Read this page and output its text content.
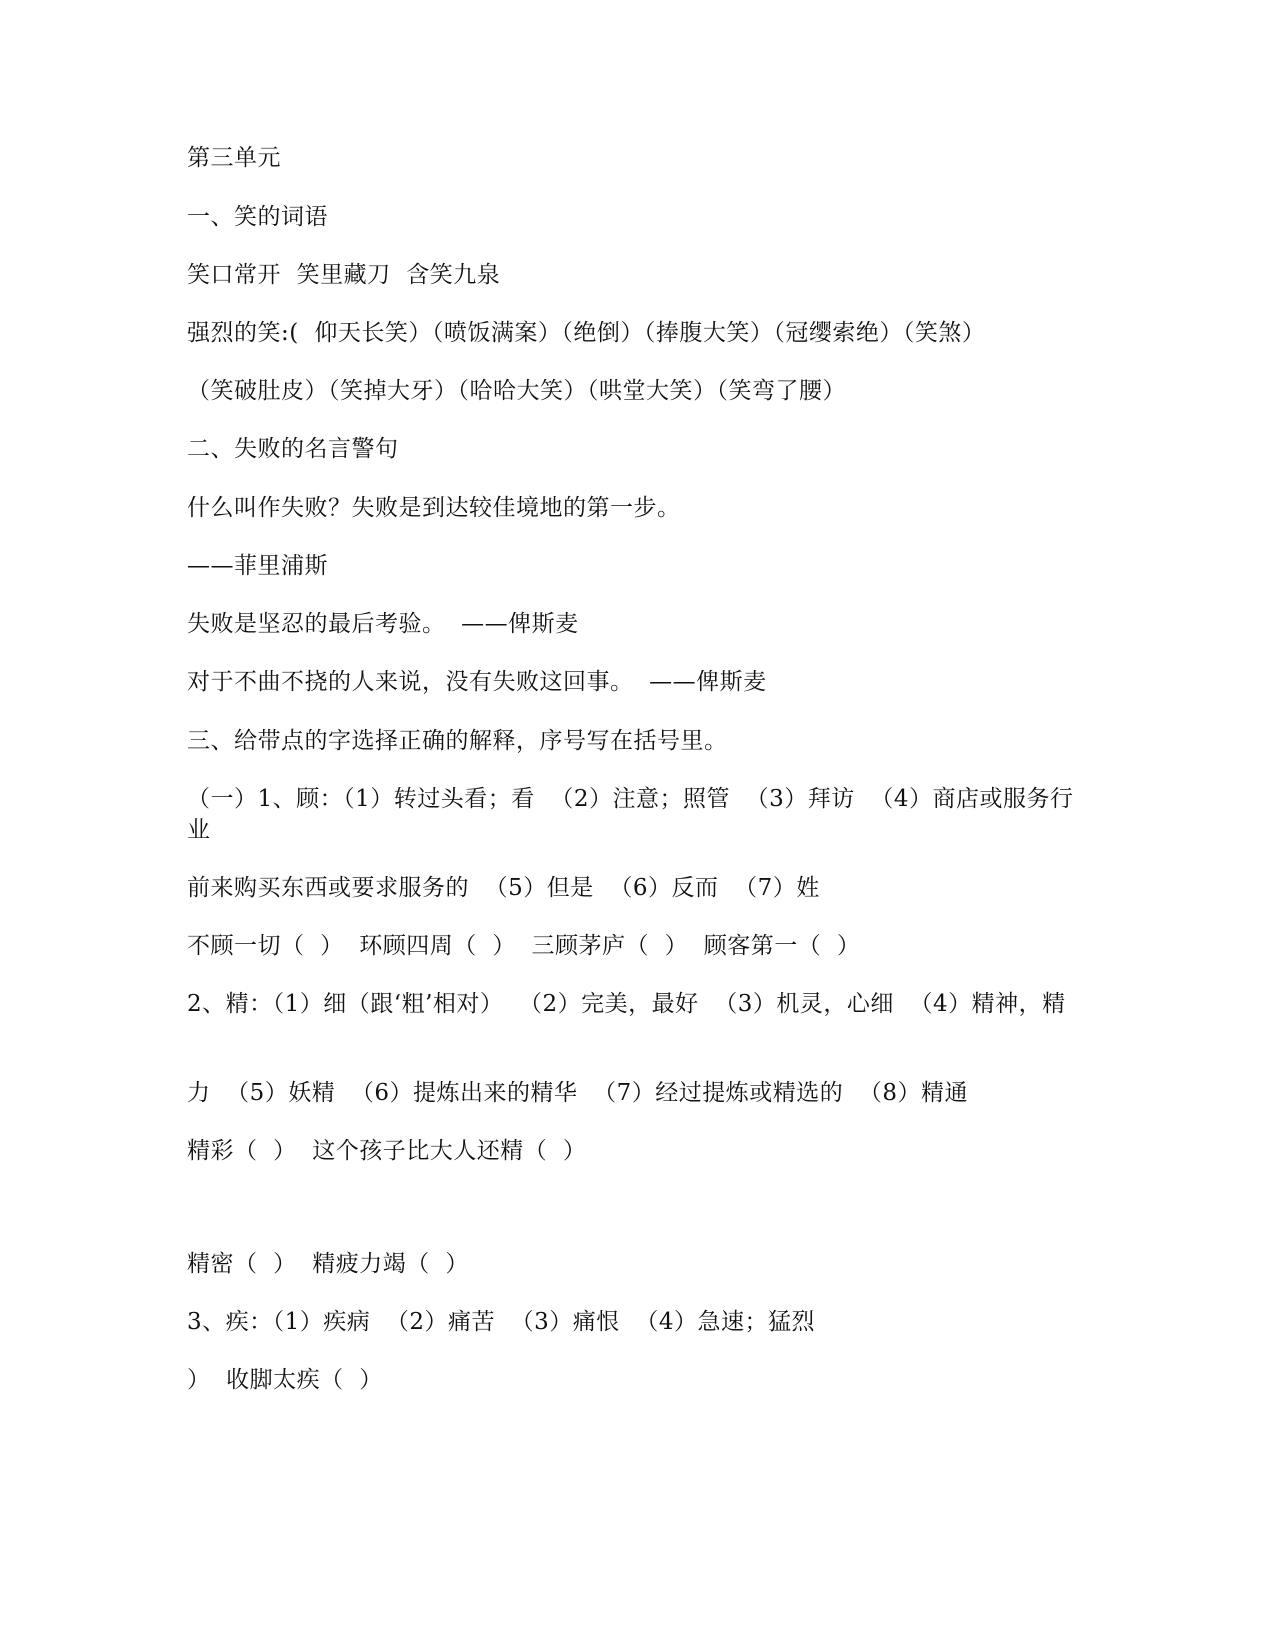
第三单元
一、笑的词语
笑口常开  笑里藏刀  含笑九泉
强烈的笑:(  仰天长笑）（喷饭满案）（绝倒）（捧腹大笑）（冠缨索绝）（笑煞）
（笑破肚皮）（笑掉大牙）（哈哈大笑）（哄堂大笑）（笑弯了腰）
二、失败的名言警句
什么叫作失败？失败是到达较佳境地的第一步。
——菲里浦斯
失败是坚忍的最后考验。  ——俾斯麦
对于不曲不挠的人来说，没有失败这回事。  ——俾斯麦
三、给带点的字选择正确的解释，序号写在括号里。
（一）1、顾：（1）转过头看；看  （2）注意；照管  （3）拜访  （4）商店或服务行业
前来购买东西或要求服务的  （5）但是  （6）反而  （7）姓
不顾一切（  ）  环顾四周（  ）  三顾茅庐（  ）  顾客第一（  ）
2、精：（1）细（跟‘粗’相对）  （2）完美，最好  （3）机灵，心细  （4）精神，精
力  （5）妖精  （6）提炼出来的精华  （7）经过提炼或精选的  （8）精通
精彩（  ）  这个孩子比大人还精（  ）
精密（  ）  精疲力竭（  ）
3、疾：（1）疾病  （2）痛苦  （3）痛恨  （4）急速；猛烈
）  收脚太疾（  ）
